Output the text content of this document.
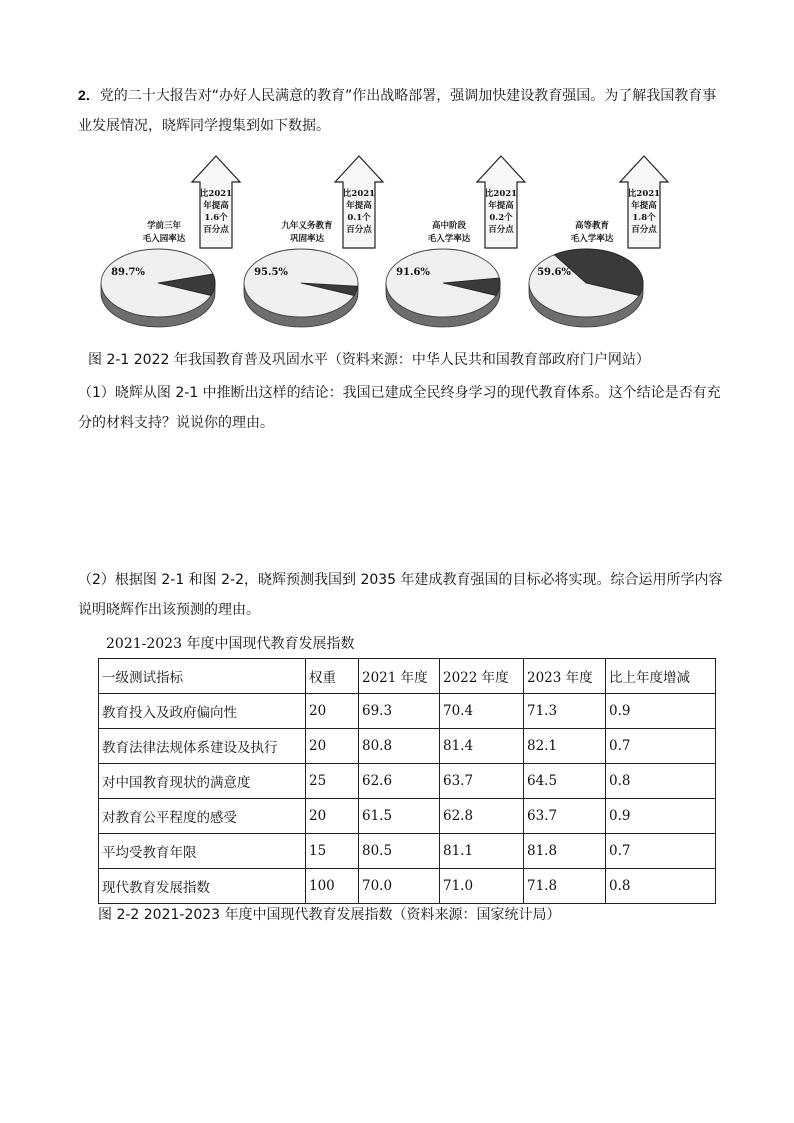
2．党的二十大报告对“办好人民满意的教育”作出战略部署，强调加快建设教育强国。为了解我国教育事业发展情况，晓辉同学搜集到如下数据。

89.7%
学前三年
毛入园率达
比2021
年提高
1.6个
百分点
95.5%
九年义务教育
巩固率达
比2021
年提高
0.1个
百分点
91.6%
高中阶段
毛入学率达
比2021
年提高
0.2个
百分点
59.6%
高等教育
毛入学率达
比2021
年提高
1.8个
百分点
图 2-1 2022 年我国教育普及巩固水平（资料来源：中华人民共和国教育部政府门户网站）

（1）晓辉从图 2-1 中推断出这样的结论：我国已建成全民终身学习的现代教育体系。这个结论是否有充分的材料支持？说说你的理由。

（2）根据图 2-1 和图 2-2，晓辉预测我国到 2035 年建成教育强国的目标必将实现。综合运用所学内容说明晓辉作出该预测的理由。

2021-2023 年度中国现代教育发展指数
一级测试指标	权重	2021 年度	2022 年度	2023 年度	比上年度增减
教育投入及政府偏向性	20	69.3	70.4	71.3	0.9
教育法律法规体系建设及执行	20	80.8	81.4	82.1	0.7
对中国教育现状的满意度	25	62.6	63.7	64.5	0.8
对教育公平程度的感受	20	61.5	62.8	63.7	0.9
平均受教育年限	15	80.5	81.1	81.8	0.7
现代教育发展指数	100	70.0	71.0	71.8	0.8
图 2-2 2021-2023 年度中国现代教育发展指数（资料来源：国家统计局）
